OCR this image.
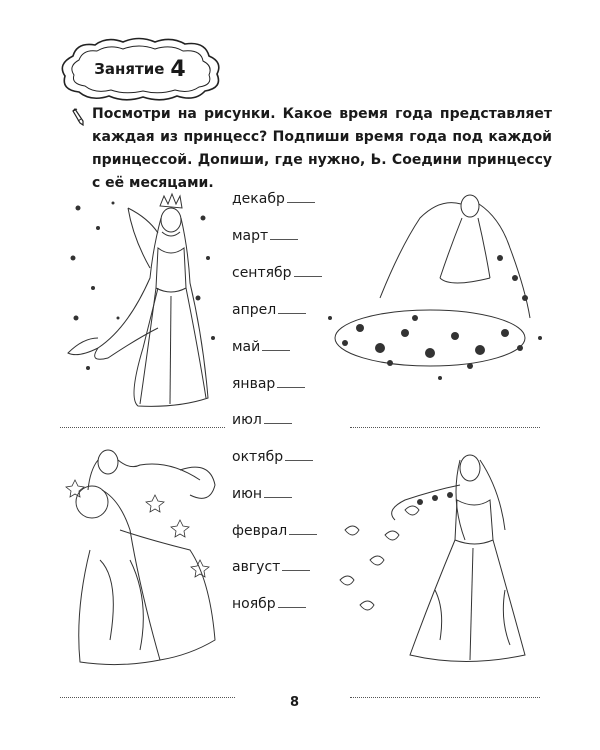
Занятие 4

Посмотри на рисунки. Какое время года представляет каждая из принцесс? Подпиши время года под каждой принцессой. Допиши, где нужно, Ь. Соедини принцессу с её месяцами.

декабр
март
сентябр
апрел
май
январ
июл
октябр
июн
феврал
август
ноябр
8
